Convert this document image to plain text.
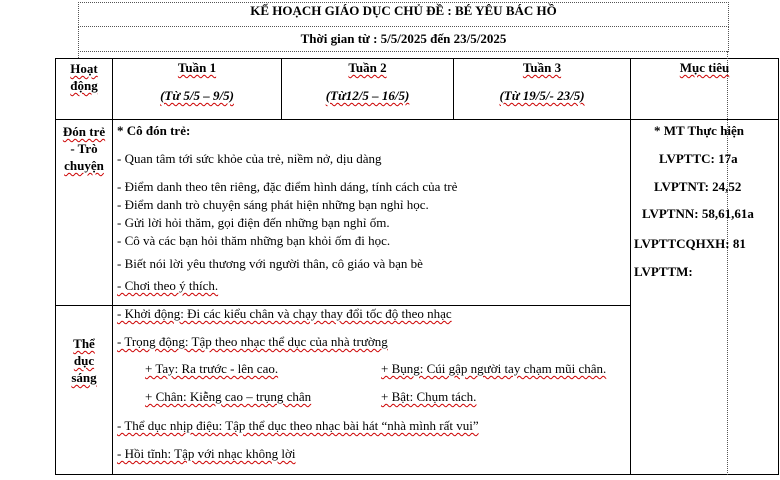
KẾ HOẠCH GIÁO DỤC CHỦ ĐỀ : BÉ YÊU BÁC HỒ
Thời gian từ : 5/5/2025 đến 23/5/2025
Hoạt
động
Tuần 1
(Từ 5/5 – 9/5)
Tuần 2
(Từ12/5 – 16/5)
Tuần 3
(Từ 19/5/- 23/5)
Mục tiêu
Đón trẻ
- Trò
chuyện
* Cô đón trẻ:
- Quan tâm tới sức khỏe của trẻ, niềm nở, dịu dàng
- Điểm danh theo tên riêng, đặc điểm hình dáng, tính cách của trẻ
- Điểm danh trò chuyện sáng phát hiện những bạn nghỉ học.
- Gửi lời hỏi thăm, gọi điện đến những bạn nghỉ ốm.
- Cô và các bạn hỏi thăm những bạn khỏi ốm đi học.
- Biết nói lời yêu thương với người thân, cô giáo và bạn bè
- Chơi theo ý thích.
* MT Thực hiện
LVPTTC: 17a
LVPTNT: 24,52
LVPTNN: 58,61,61a
LVPTTCQHXH: 81
LVPTTM:
Thể
dục
sáng
- Khởi động: Đi các kiểu chân và chạy thay đổi tốc độ theo nhạc
- Trọng động: Tập theo nhạc thể dục của nhà trường
+ Tay: Ra trước - lên cao.	+ Bụng: Cúi gập người tay chạm mũi chân.
+ Chân: Kiễng cao – trụng chân	+ Bật: Chụm tách.
- Thể dục nhịp điệu: Tập thể dục theo nhạc bài hát “nhà mình rất vui”
- Hồi tĩnh: Tập với nhạc không lời
